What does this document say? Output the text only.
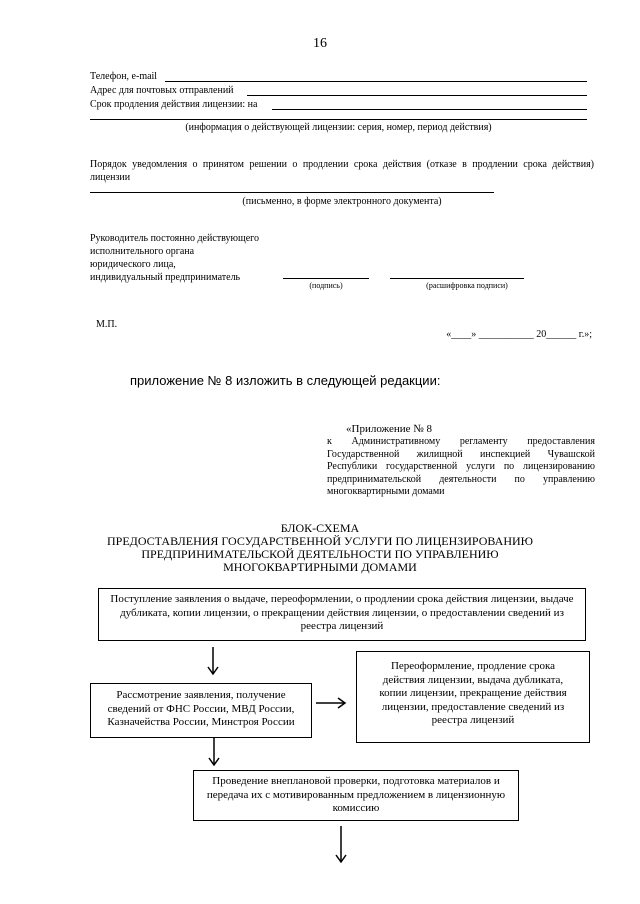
16
Телефон, e-mail
Адрес для почтовых отправлений
Срок продления действия лицензии: на
(информация о действующей лицензии: серия, номер, период действия)
Порядок уведомления о принятом решении о продлении срока действия (отказе в продлении срока действия) лицензии
(письменно, в форме электронного документа)
Руководитель постоянно действующего
исполнительного органа
юридического лица,
индивидуальный предприниматель
(подпись)	(расшифровка подписи)
М.П.
«____» ___________ 20______ г.»;
приложение № 8 изложить в следующей редакции:
«Приложение № 8
к Административному регламенту предоставления Государственной жилищной инспекцией Чувашской Республики государственной услуги по лицензированию предпринимательской деятельности по управлению многоквартирными домами
БЛОК-СХЕМА
ПРЕДОСТАВЛЕНИЯ ГОСУДАРСТВЕННОЙ УСЛУГИ ПО ЛИЦЕНЗИРОВАНИЮ
ПРЕДПРИНИМАТЕЛЬСКОЙ ДЕЯТЕЛЬНОСТИ ПО УПРАВЛЕНИЮ
МНОГОКВАРТИРНЫМИ ДОМАМИ
Поступление заявления о выдаче, переоформлении, о продлении срока действия лицензии, выдаче дубликата, копии лицензии, о прекращении действия лицензии, о предоставлении сведений из реестра лицензий
Рассмотрение заявления, получение сведений от ФНС России, МВД России, Казначейства России, Минстроя России
Переоформление, продление срока действия лицензии, выдача дубликата, копии лицензии, прекращение действия лицензии, предоставление сведений из реестра лицензий
Проведение внеплановой проверки, подготовка материалов и передача их с мотивированным предложением в лицензионную комиссию
